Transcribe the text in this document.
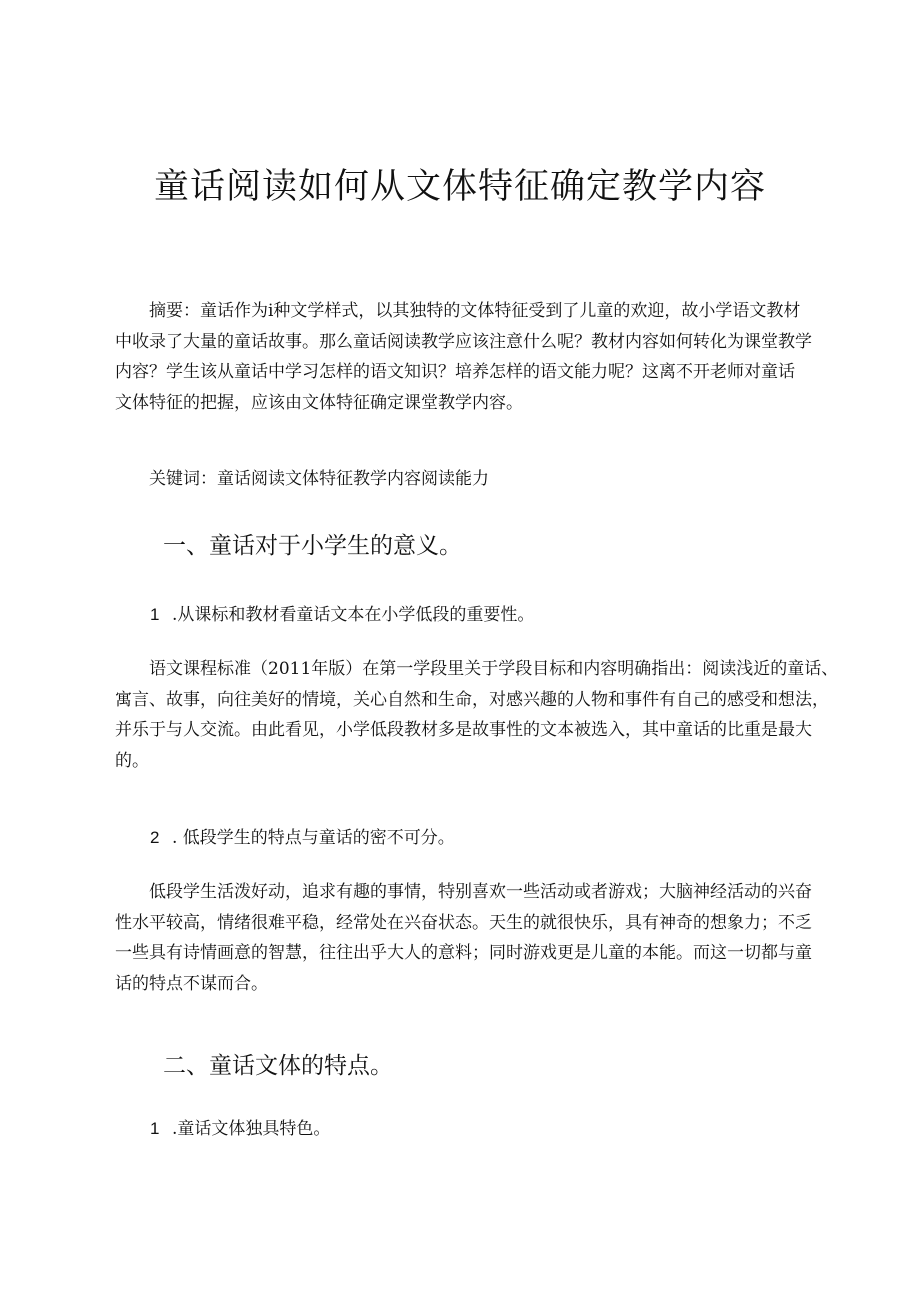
童话阅读如何从文体特征确定教学内容
摘要：童话作为i种文学样式，以其独特的文体特征受到了儿童的欢迎，故小学语文教材
中收录了大量的童话故事。那么童话阅读教学应该注意什么呢？教材内容如何转化为课堂教学
内容？学生该从童话中学习怎样的语文知识？培养怎样的语文能力呢？这离不开老师对童话
文体特征的把握，应该由文体特征确定课堂教学内容。
关键词：童话阅读文体特征教学内容阅读能力
一、童话对于小学生的意义。
1 .从课标和教材看童话文本在小学低段的重要性。
语文课程标准（2011年版）在第一学段里关于学段目标和内容明确指出：阅读浅近的童话、
寓言、故事，向往美好的情境，关心自然和生命，对感兴趣的人物和事件有自己的感受和想法，
并乐于与人交流。由此看见，小学低段教材多是故事性的文本被选入，其中童话的比重是最大
的。
2 . 低段学生的特点与童话的密不可分。
低段学生活泼好动，追求有趣的事情，特别喜欢一些活动或者游戏；大脑神经活动的兴奋
性水平较高，情绪很难平稳，经常处在兴奋状态。天生的就很快乐，具有神奇的想象力；不乏
一些具有诗情画意的智慧，往往出乎大人的意料；同时游戏更是儿童的本能。而这一切都与童
话的特点不谋而合。
二、童话文体的特点。
1 .童话文体独具特色。
